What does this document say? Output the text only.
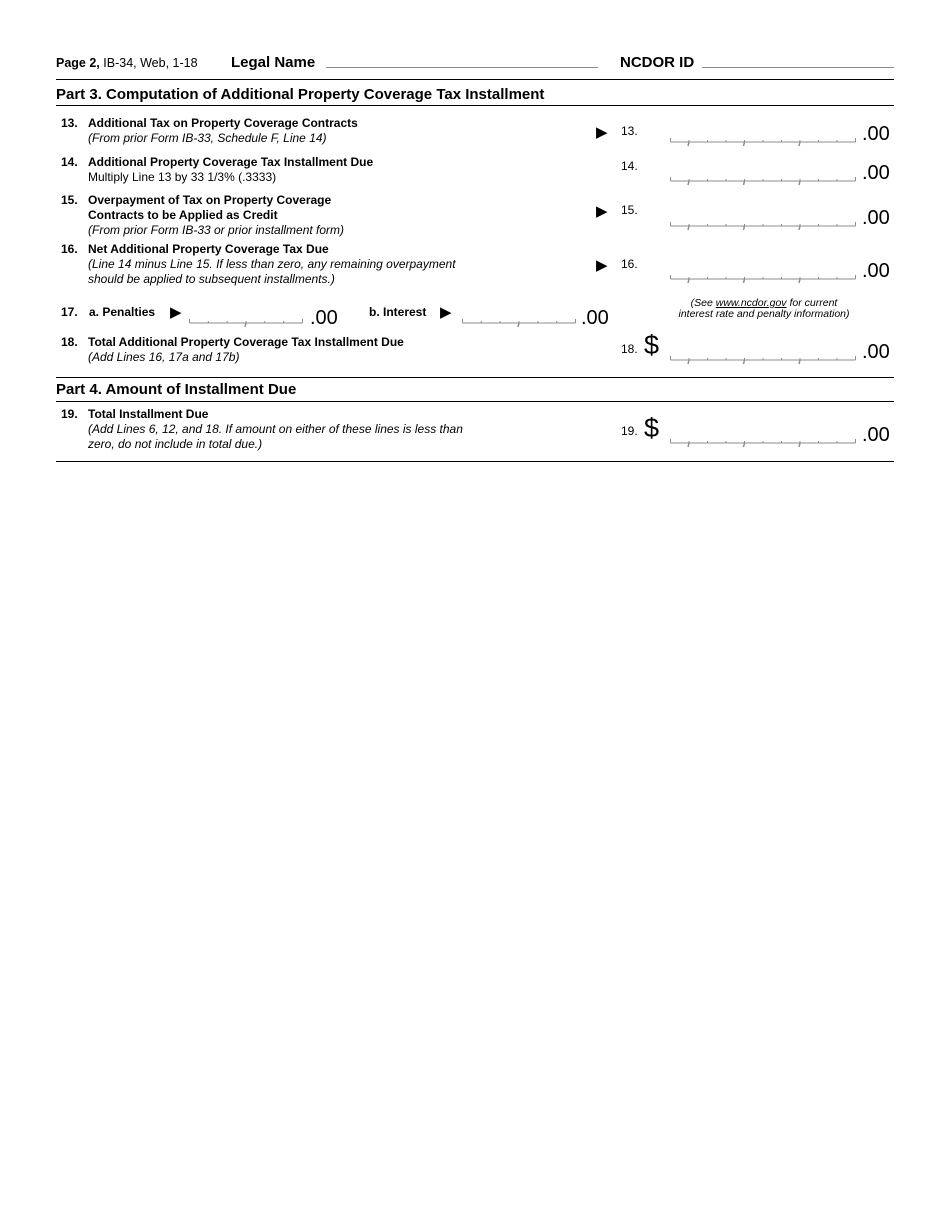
Page 2, IB-34, Web, 1-18 Legal Name	NCDOR ID
Part 3. Computation of Additional Property Coverage Tax Installment
13. Additional Tax on Property Coverage Contracts
(From prior Form IB-33, Schedule F, Line 14)	▶ 13.	.00
14. Additional Property Coverage Tax Installment Due
Multiply Line 13 by 33 1/3% (.3333)
14.	.00
15. Overpayment of Tax on Property Coverage
Contracts to be Applied as Credit
(From prior Form IB-33 or prior installment form)
▶ 15.	.00
16. Net Additional Property Coverage Tax Due
(Line 14 minus Line 15. If less than zero, any remaining overpayment
should be applied to subsequent installments.)
▶ 16.	.00
17. a. Penalties ▶	.00	b. Interest ▶	.00
(See www.ncdor.gov for current
interest rate and penalty information)
18. Total Additional Property Coverage Tax Installment Due
(Add Lines 16, 17a and 17b)
18. $	.00
Part 4. Amount of Installment Due
19. Total Installment Due
(Add Lines 6, 12, and 18. If amount on either of these lines is less than
zero, do not include in total due.)
19. $	.00
